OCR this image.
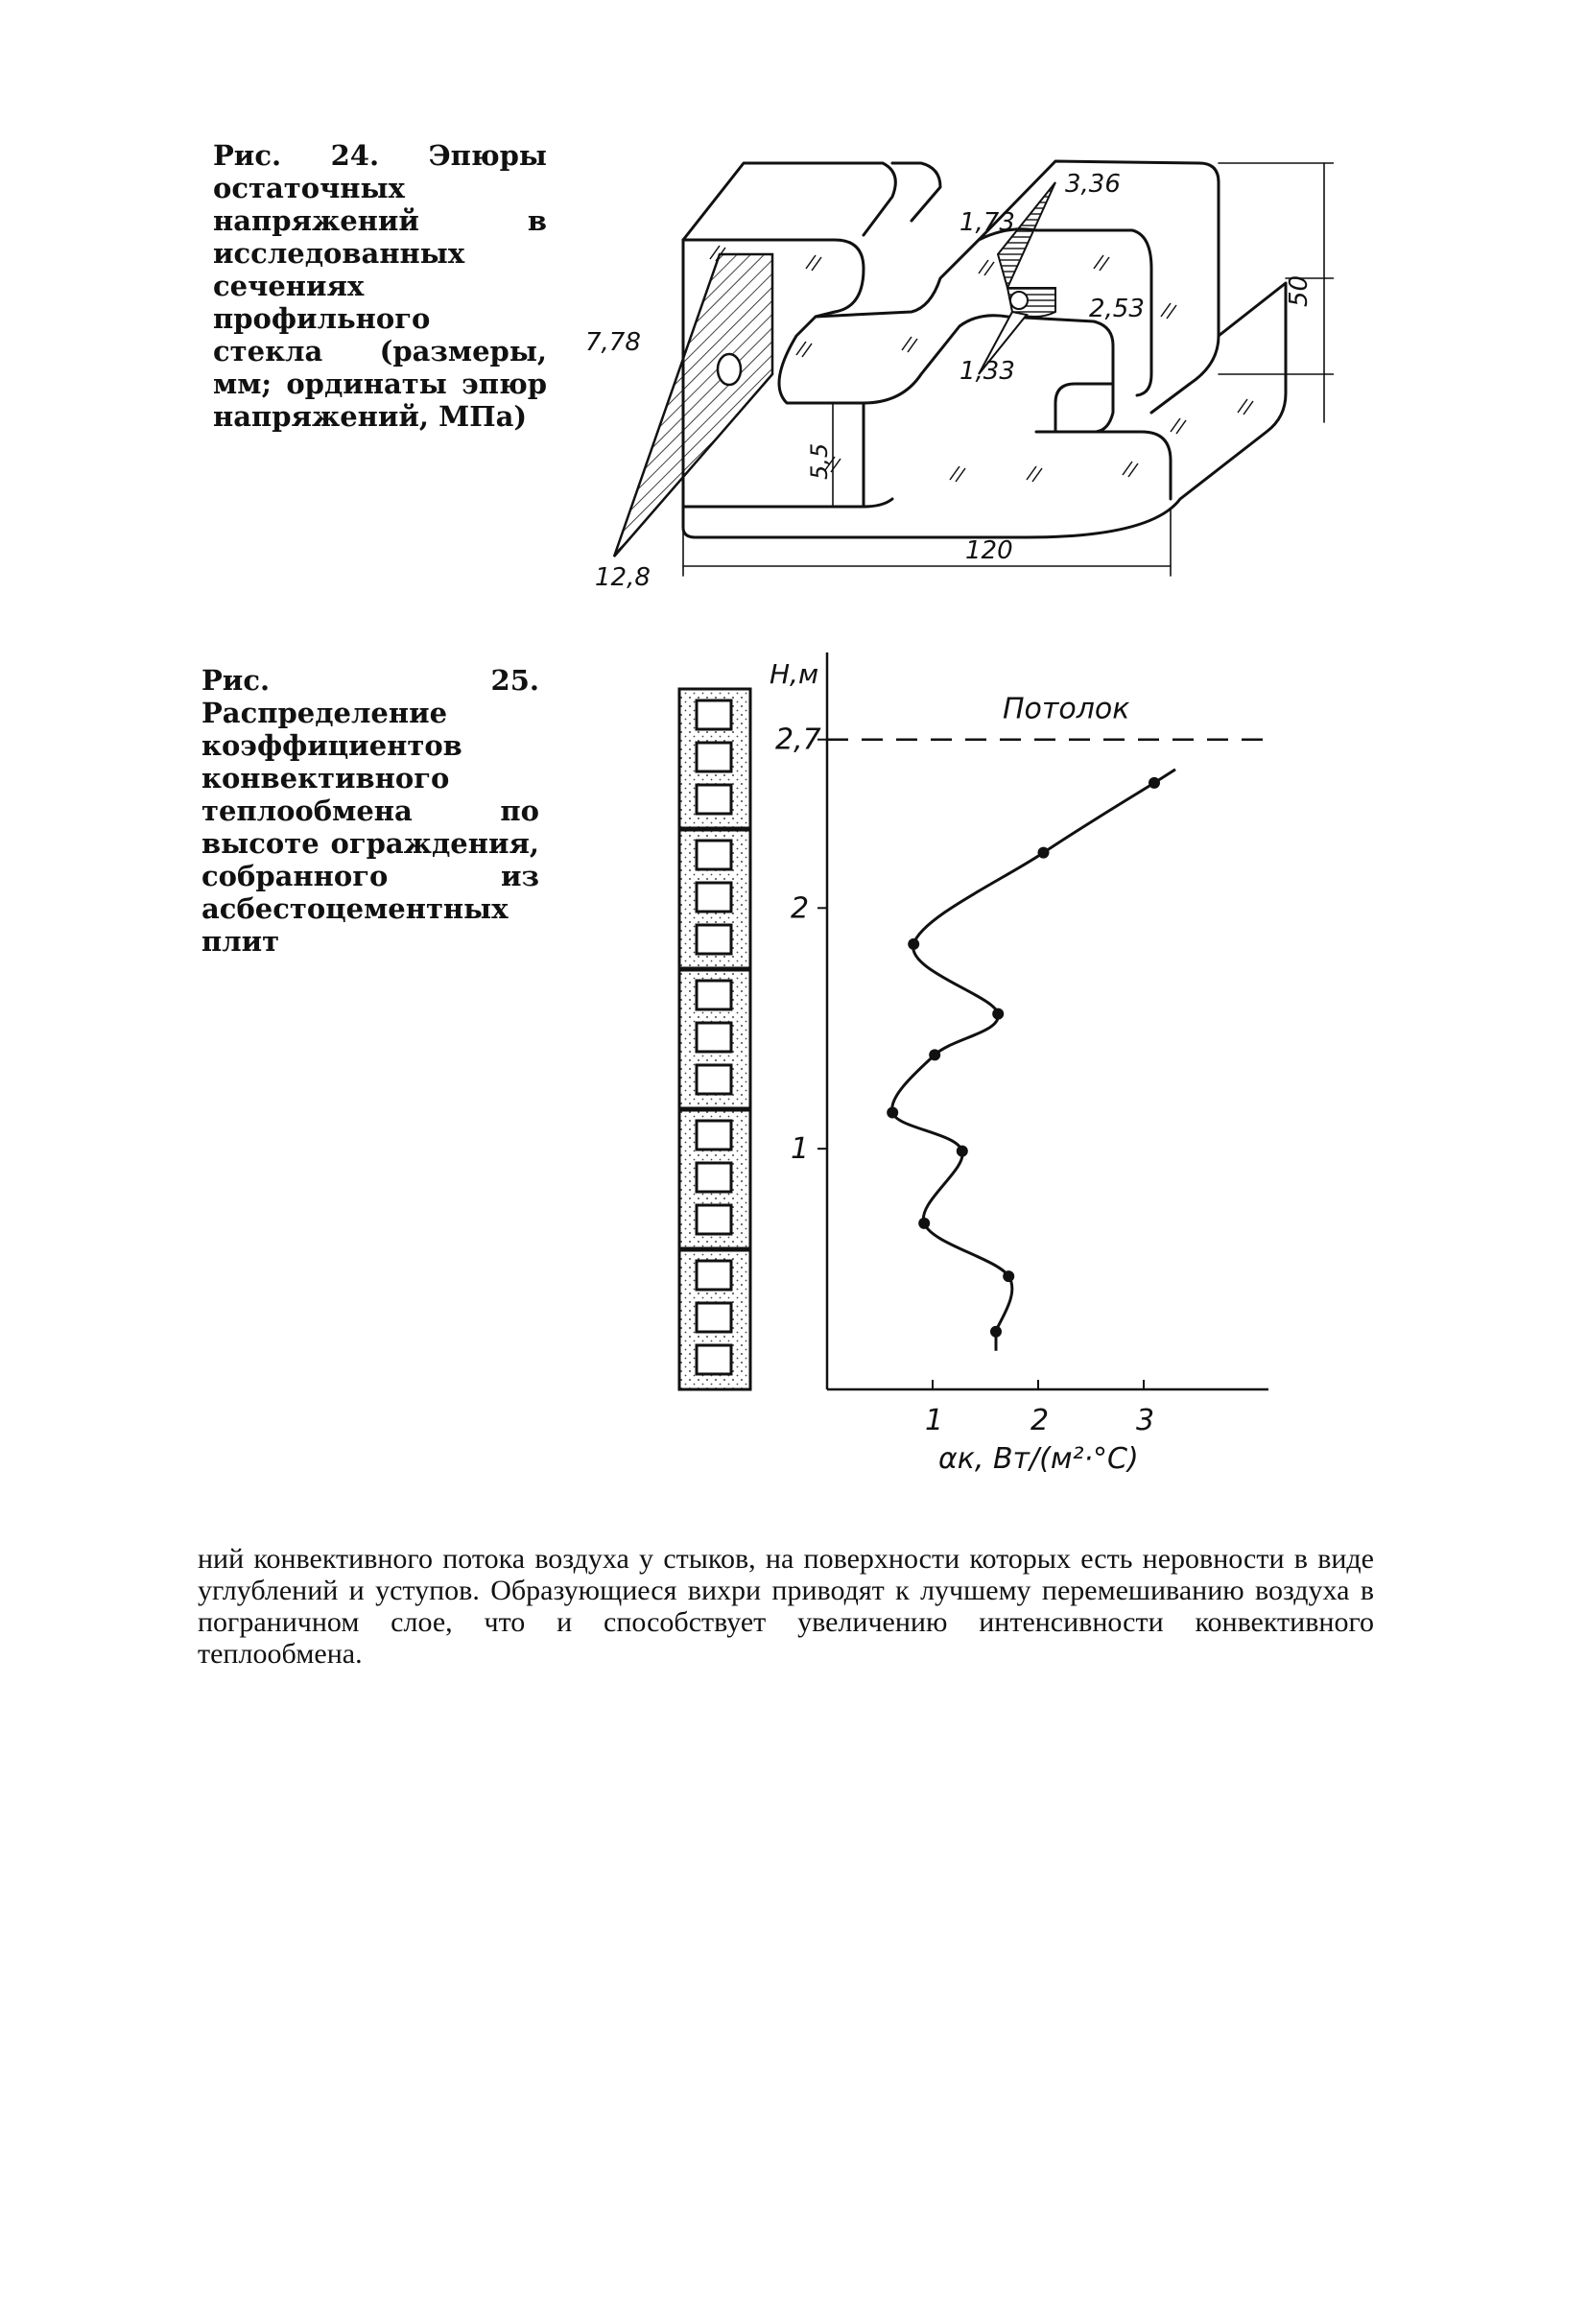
Рис. 24. Эпюры остаточных напряжений в исследованных сечениях профильного стекла (размеры, мм; ординаты эпюр напряжений, МПа)
7,78
12,8
1,73
3,36
2,53
1,33
50
5,5
120
Рис. 25. Распределение коэффициентов конвективного теплообмена по высоте ограждения, собранного из асбестоцементных плит
Потолок
H,м
αк, Вт/(м²·°С)
1	2	3
1
2
2,7

ний конвективного потока воздуха у стыков, на поверхности которых есть неровности в виде углублений и уступов. Образующиеся вихри приводят к лучшему перемешиванию воздуха в пограничном слое, что и способствует увеличению интенсивности конвективного теплообмена.
